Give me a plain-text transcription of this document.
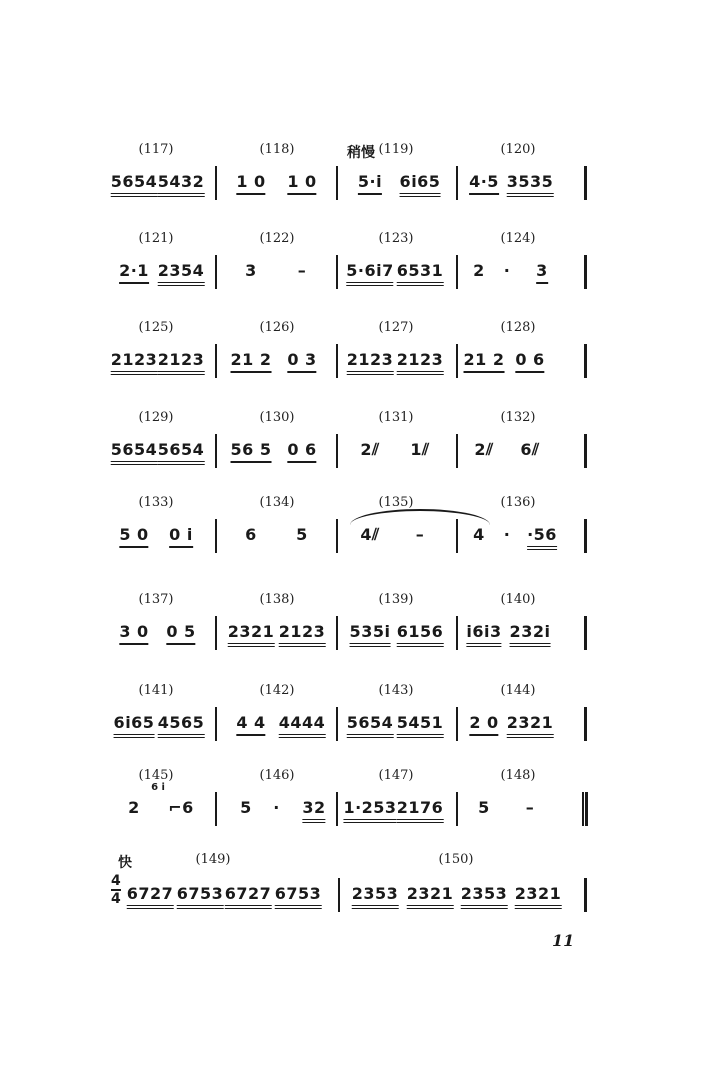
(117)
5654 5432
(118)
1 0 1 0
(119)
稍慢
5·i 6i65
(120)
4·5 3535
(121)
2·1 2354
(122)
3	–
(123)
5·6i7 6531
(124)
2 · 3
(125)
2123 2123
(126)
21 2 0 3
(127)
2123 2123
(128)
21 2 0 6
(129)
5654 5654
(130)
56 5 0 6
(131)
2⫽ 1⫽
(132)
2⫽ 6⫽
(133)
5 0 0 i
(134)
6 5
(135)
4⫽ –
(136)
4 · ·56
(137)
3 0 0 5
(138)
2321 2123
(139)
535i 6156
(140)
i6i3 232i
(141)
6i65 4565
(142)
4 4 4444
(143)
5654 5451
(144)
2 0 2321
(145)
6 i
2 ⌐6
(146)
5 · 32
(147)
1·253 2176
(148)
5 –
快
$\frac{4}{4}$
(149)
6727 6753 6727 6753
(150)
2353 2321 2353 2321
11
